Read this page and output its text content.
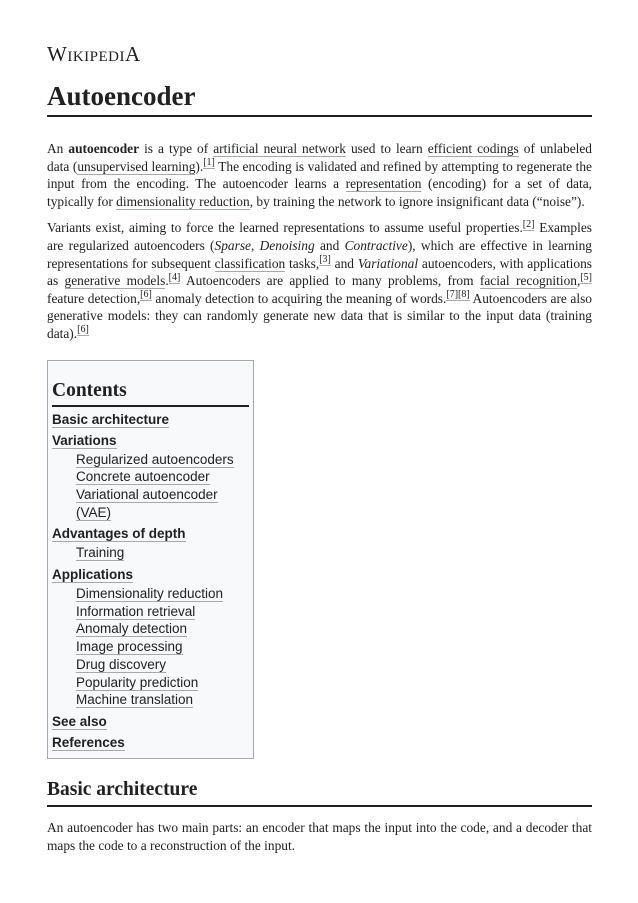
WikipediA
Autoencoder

An autoencoder is a type of artificial neural network used to learn efficient codings of unlabeled data (unsupervised learning).[1] The encoding is validated and refined by attempting to regenerate the input from the encoding. The autoencoder learns a representation (encoding) for a set of data, typically for dimensionality reduction, by training the network to ignore insignificant data (“noise”).

Variants exist, aiming to force the learned representations to assume useful properties.[2] Examples are regularized autoencoders (Sparse, Denoising and Contractive), which are effective in learning representations for subsequent classification tasks,[3] and Variational autoencoders, with applications as generative models.[4] Autoencoders are applied to many problems, from facial recognition,[5] feature detection,[6] anomaly detection to acquiring the meaning of words.[7][8] Autoencoders are also generative models: they can randomly generate new data that is similar to the input data (training data).[6]

Contents
Basic architecture
Variations
Regularized autoencoders
Concrete autoencoder
Variational autoencoder (VAE)
Advantages of depth
Training
Applications
Dimensionality reduction
Information retrieval
Anomaly detection
Image processing
Drug discovery
Popularity prediction
Machine translation
See also
References
Basic architecture

An autoencoder has two main parts: an encoder that maps the input into the code, and a decoder that maps the code to a reconstruction of the input.
